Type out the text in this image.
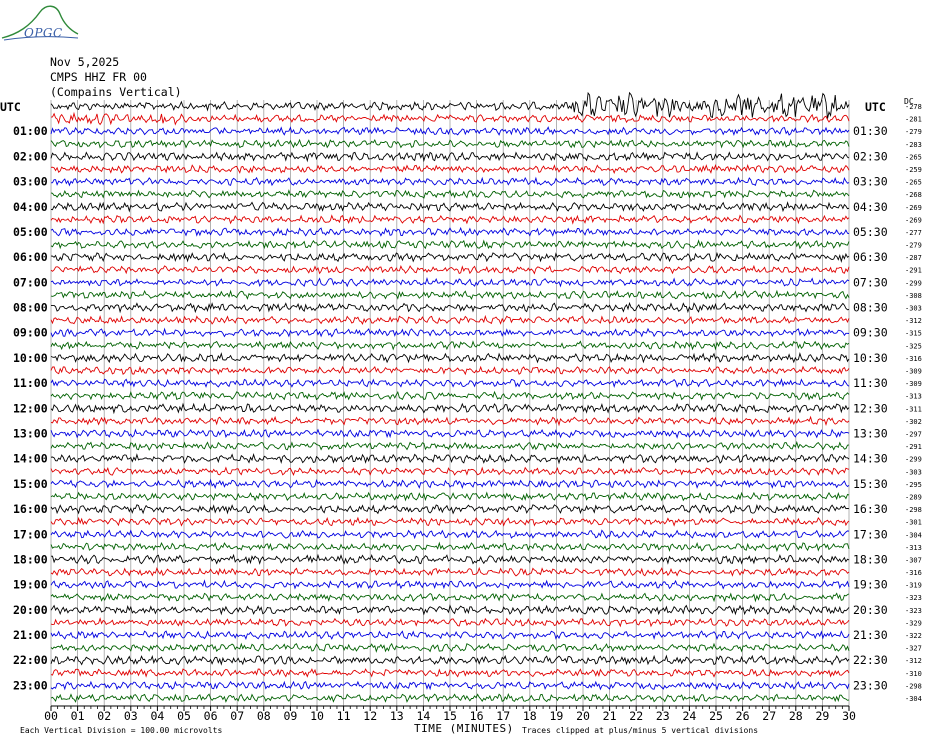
OPGC
Nov 5,2025
CMPS HHZ FR 00
(Compains Vertical)
UTC	UTC DC
00 01 02 03 04 05 06 07 08 09 10 11 12 13 14 15 16 17 18 19 20 21 22 23 24 25 26 27 28 29 30
-278
-281
-279
-283
-265
-259
-265
-268
-269
-269
-277
-279
-287
-291
-299
-308
-303
-312
-315
-325
-316
-309
-309
-313
-311
-302
-297
-291
-299
-303
-295
-289
-298
-301
-304
-313
-307
-316
-319
-323
-323
-329
-322
-327
-312
-310
-298
-304
01:00
02:00
03:00
04:00
05:00
06:00
07:00
08:00
09:00
10:00
11:00
12:00
13:00
14:00
15:00
16:00
17:00
18:00
19:00
20:00
21:00
22:00
23:00
01:30
02:30
03:30
04:30
05:30
06:30
07:30
08:30
09:30
10:30
11:30
12:30
13:30
14:30
15:30
16:30
17:30
18:30
19:30
20:30
21:30
22:30
23:30
TIME (MINUTES)
Each Vertical Division = 100.00 microvolts	Traces clipped at plus/minus 5 vertical divisions
